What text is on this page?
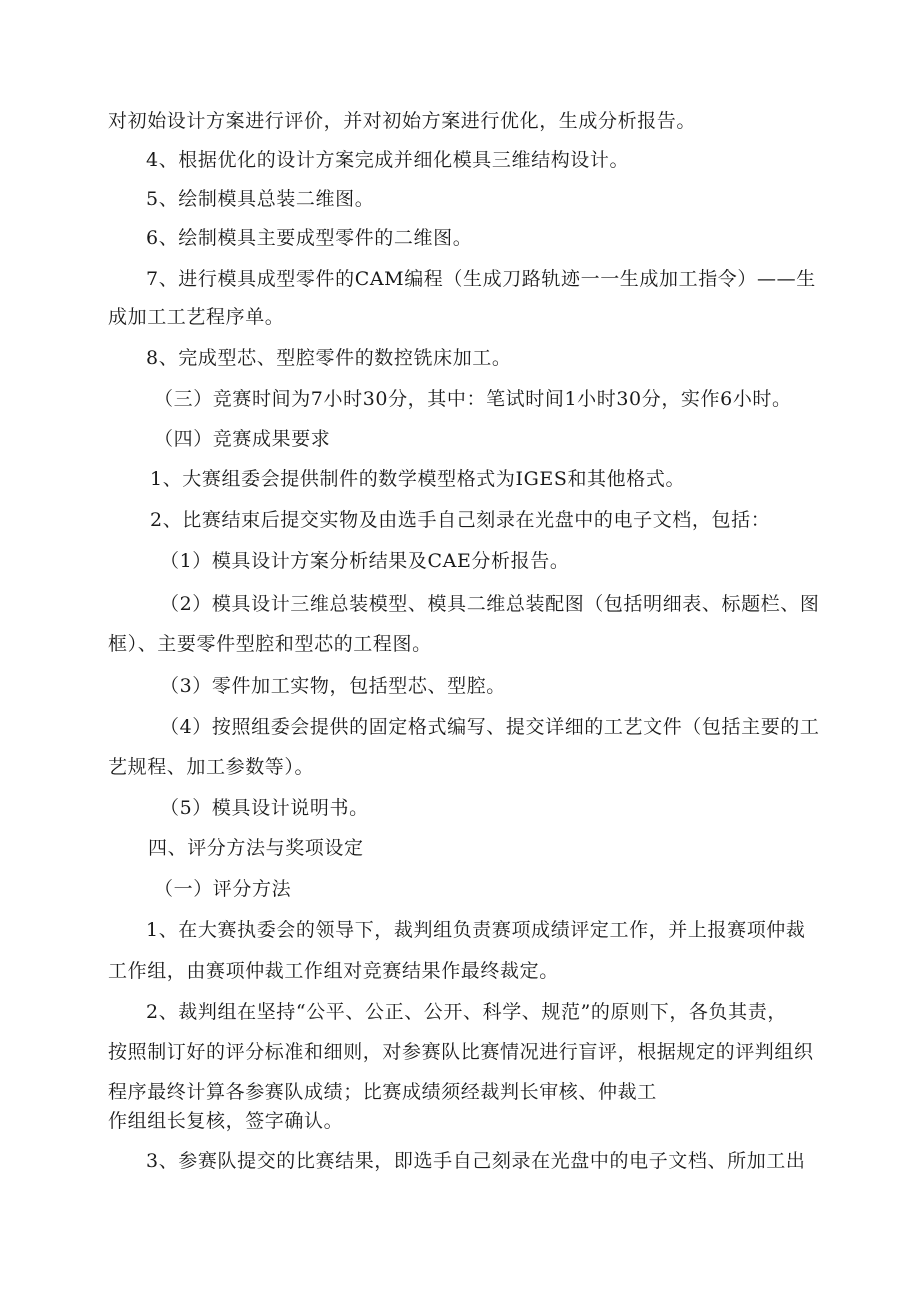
对初始设计方案进行评价，并对初始方案进行优化，生成分析报告。
4、根据优化的设计方案完成并细化模具三维结构设计。
5、绘制模具总装二维图。
6、绘制模具主要成型零件的二维图。
7、进行模具成型零件的CAM编程（生成刀路轨迹一一生成加工指令）——生
成加工工艺程序单。
8、完成型芯、型腔零件的数控铣床加工。
（三）竞赛时间为7小时30分，其中：笔试时间1小时30分，实作6小时。
（四）竞赛成果要求
1、大赛组委会提供制件的数学模型格式为IGES和其他格式。
2、比赛结束后提交实物及由选手自己刻录在光盘中的电子文档，包括：
（1）模具设计方案分析结果及CAE分析报告。
（2）模具设计三维总装模型、模具二维总装配图（包括明细表、标题栏、图
框）、主要零件型腔和型芯的工程图。
（3）零件加工实物，包括型芯、型腔。
（4）按照组委会提供的固定格式编写、提交详细的工艺文件（包括主要的工
艺规程、加工参数等）。
（5）模具设计说明书。
四、评分方法与奖项设定
（一）评分方法
1、在大赛执委会的领导下，裁判组负责赛项成绩评定工作，并上报赛项仲裁
工作组，由赛项仲裁工作组对竞赛结果作最终裁定。
2、裁判组在坚持“公平、公正、公开、科学、规范”的原则下，各负其责，
按照制订好的评分标准和细则，对参赛队比赛情况进行盲评，根据规定的评判组织
程序最终计算各参赛队成绩；比赛成绩须经裁判长审核、仲裁工
作组组长复核，签字确认。
3、参赛队提交的比赛结果，即选手自己刻录在光盘中的电子文档、所加工出
